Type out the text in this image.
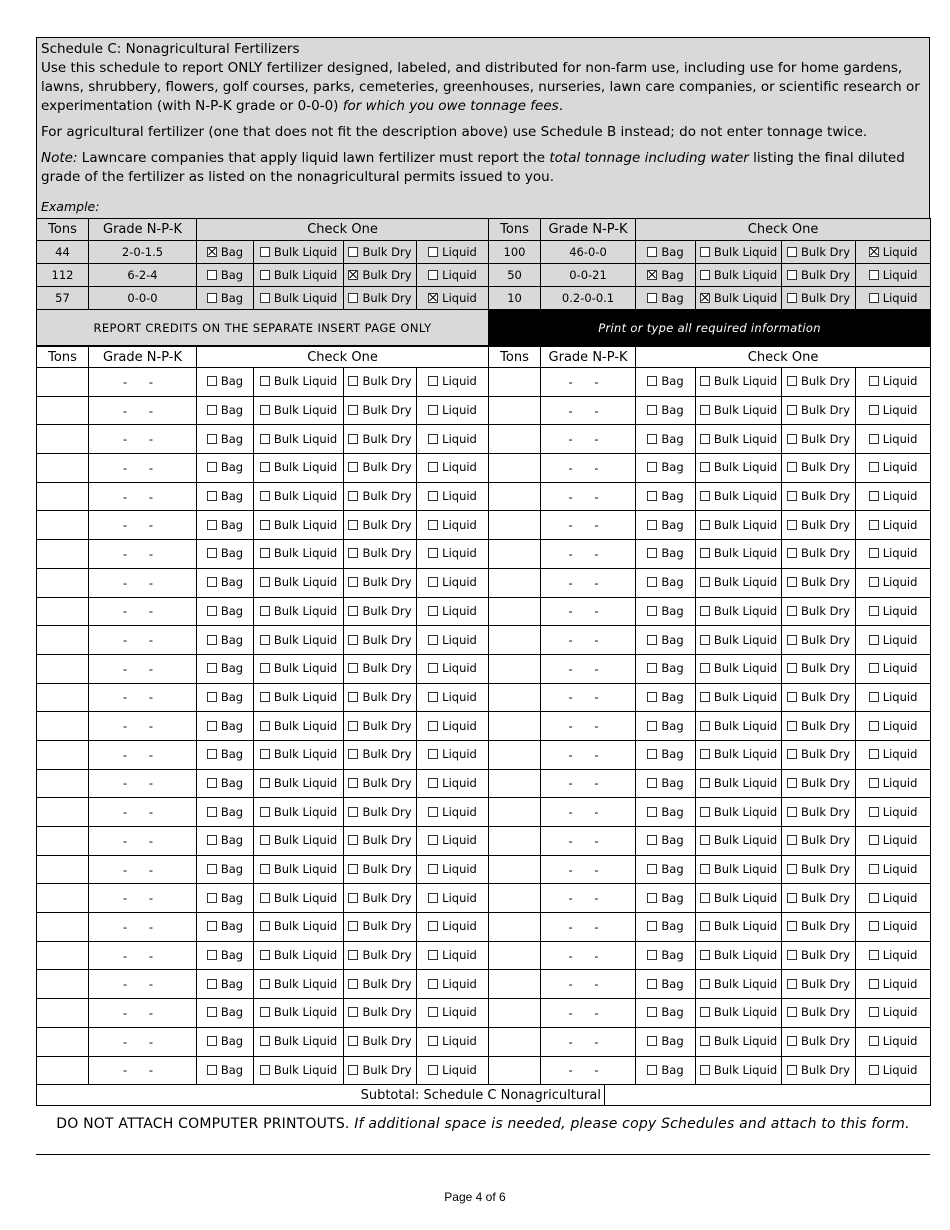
Schedule C: Nonagricultural Fertilizers

Use this schedule to report ONLY fertilizer designed, labeled, and distributed for non-farm use, including use for home gardens, lawns, shrubbery, flowers, golf courses, parks, cemeteries, greenhouses, nurseries, lawn care companies, or scientific research or experimentation (with N-P-K grade or 0-0-0) for which you owe tonnage fees.

For agricultural fertilizer (one that does not fit the description above) use Schedule B instead; do not enter tonnage twice.

Note: Lawncare companies that apply liquid lawn fertilizer must report the total tonnage including water listing the final diluted grade of the fertilizer as listed on the nonagricultural permits issued to you.

Example:

Tons	Grade N-P-K	Check One				Tons	Grade N-P-K	Check One			
44	2-0-1.5	Bag	Bulk Liquid	Bulk Dry	Liquid	100	46-0-0	Bag	Bulk Liquid	Bulk Dry	Liquid

112	6-2-4	Bag	Bulk Liquid	Bulk Dry	Liquid	50	0-0-21	Bag	Bulk Liquid	Bulk Dry	Liquid

57	0-0-0	Bag	Bulk Liquid	Bulk Dry	Liquid	10	0.2-0-0.1	Bag	Bulk Liquid	Bulk Dry	Liquid

REPORT CREDITS ON THE SEPARATE INSERT PAGE ONLY						Print or type all required information					
Tons	Grade N-P-K	Check One				Tons	Grade N-P-K	Check One			
	- -	Bag	Bulk Liquid	Bulk Dry	Liquid		- -	Bag	Bulk Liquid	Bulk Dry	Liquid

	- -	Bag	Bulk Liquid	Bulk Dry	Liquid		- -	Bag	Bulk Liquid	Bulk Dry	Liquid

	- -	Bag	Bulk Liquid	Bulk Dry	Liquid		- -	Bag	Bulk Liquid	Bulk Dry	Liquid

	- -	Bag	Bulk Liquid	Bulk Dry	Liquid		- -	Bag	Bulk Liquid	Bulk Dry	Liquid

	- -	Bag	Bulk Liquid	Bulk Dry	Liquid		- -	Bag	Bulk Liquid	Bulk Dry	Liquid

	- -	Bag	Bulk Liquid	Bulk Dry	Liquid		- -	Bag	Bulk Liquid	Bulk Dry	Liquid

	- -	Bag	Bulk Liquid	Bulk Dry	Liquid		- -	Bag	Bulk Liquid	Bulk Dry	Liquid

	- -	Bag	Bulk Liquid	Bulk Dry	Liquid		- -	Bag	Bulk Liquid	Bulk Dry	Liquid

	- -	Bag	Bulk Liquid	Bulk Dry	Liquid		- -	Bag	Bulk Liquid	Bulk Dry	Liquid

	- -	Bag	Bulk Liquid	Bulk Dry	Liquid		- -	Bag	Bulk Liquid	Bulk Dry	Liquid

	- -	Bag	Bulk Liquid	Bulk Dry	Liquid		- -	Bag	Bulk Liquid	Bulk Dry	Liquid

	- -	Bag	Bulk Liquid	Bulk Dry	Liquid		- -	Bag	Bulk Liquid	Bulk Dry	Liquid

	- -	Bag	Bulk Liquid	Bulk Dry	Liquid		- -	Bag	Bulk Liquid	Bulk Dry	Liquid

	- -	Bag	Bulk Liquid	Bulk Dry	Liquid		- -	Bag	Bulk Liquid	Bulk Dry	Liquid

	- -	Bag	Bulk Liquid	Bulk Dry	Liquid		- -	Bag	Bulk Liquid	Bulk Dry	Liquid

	- -	Bag	Bulk Liquid	Bulk Dry	Liquid		- -	Bag	Bulk Liquid	Bulk Dry	Liquid

	- -	Bag	Bulk Liquid	Bulk Dry	Liquid		- -	Bag	Bulk Liquid	Bulk Dry	Liquid

	- -	Bag	Bulk Liquid	Bulk Dry	Liquid		- -	Bag	Bulk Liquid	Bulk Dry	Liquid

	- -	Bag	Bulk Liquid	Bulk Dry	Liquid		- -	Bag	Bulk Liquid	Bulk Dry	Liquid

	- -	Bag	Bulk Liquid	Bulk Dry	Liquid		- -	Bag	Bulk Liquid	Bulk Dry	Liquid

	- -	Bag	Bulk Liquid	Bulk Dry	Liquid		- -	Bag	Bulk Liquid	Bulk Dry	Liquid

	- -	Bag	Bulk Liquid	Bulk Dry	Liquid		- -	Bag	Bulk Liquid	Bulk Dry	Liquid

	- -	Bag	Bulk Liquid	Bulk Dry	Liquid		- -	Bag	Bulk Liquid	Bulk Dry	Liquid

	- -	Bag	Bulk Liquid	Bulk Dry	Liquid		- -	Bag	Bulk Liquid	Bulk Dry	Liquid

	- -	Bag	Bulk Liquid	Bulk Dry	Liquid		- -	Bag	Bulk Liquid	Bulk Dry	Liquid
Subtotal: Schedule C Nonagricultural	
DO NOT ATTACH COMPUTER PRINTOUTS. If additional space is needed, please copy Schedules and attach to this form.
Page 4 of 6
